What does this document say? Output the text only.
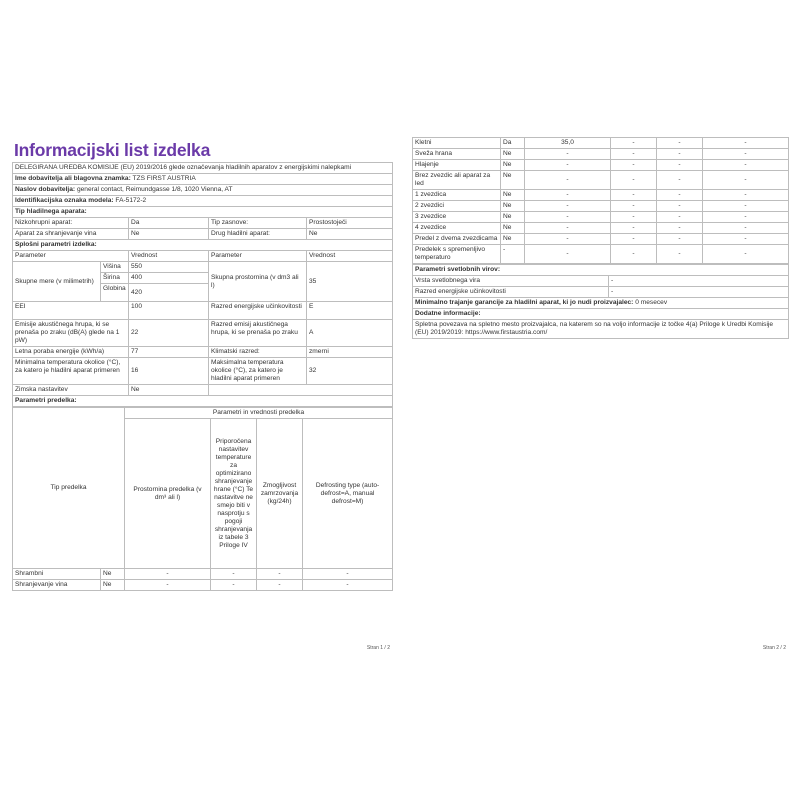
Informacijski list izdelka
DELEGIRANA UREDBA KOMISIJE (EU) 2019/2016 glede označevanja hladilnih aparatov z energijskimi nalepkami				
Ime dobavitelja ali blagovna znamka: TZS FIRST AUSTRIA				
Naslov dobavitelja: general contact, Reimundgasse 1/8, 1020 Vienna, AT				
Identifikacijska oznaka modela: FA-5172-2				
Tip hladilnega aparata:				
Nizkohrupni aparat:		Da	Tip zasnove:	Prostostoječi
Aparat za shranjevanje vina		Ne	Drug hladilni aparat:	Ne
Splošni parametri izdelka:				
Parameter		Vrednost	Parameter	Vrednost
Skupne mere (v milimetrih)	Višina	550	Skupna prostornina (v dm3 ali l)	35
	Širina	400		
	Globina	420		
EEI		100	Razred energijske učinkovitosti	E
Emisije akustičnega hrupa, ki se prenaša po zraku (dB(A) glede na 1 pW)		22	Razred emisij akustičnega hrupa, ki se prenaša po zraku	A
Letna poraba energije (kWh/a)		77	Klimatski razred:	zmerni
Minimalna temperatura okolice (°C), za katero je hladilni aparat primeren		16	Maksimalna temperatura okolice (°C), za katero je hladilni aparat primeren	32
Zimska nastavitev		Ne		
Parametri predelka:				
Tip predelka		Parametri in vrednosti predelka			
		Prostornina predelka (v dm³ ali l)	Priporočena nastavitev temperature za optimizirano shranjevanje hrane (°C) Te nastavitve ne smejo biti v nasprotju s pogoji shranjevanja iz tabele 3 Priloge IV	Zmogljivost zamrzovanja (kg/24h)	Defrosting type (auto-defrost=A, manual defrost=M)
Shrambni	Ne	-	-	-	-
Shranjevanje vina	Ne	-	-	-	-
Stran 1 / 2
Kletni	Da	35,0	-	-	-
Sveža hrana	Ne	-	-	-	-
Hlajenje	Ne	-	-	-	-
Brez zvezdic ali aparat za led	Ne	-	-	-	-
1 zvezdica	Ne	-	-	-	-
2 zvezdici	Ne	-	-	-	-
3 zvezdice	Ne	-	-	-	-
4 zvezdice	Ne	-	-	-	-
Predel z dvema zvezdicama	Ne	-	-	-	-
Predelek s spremenljivo temperaturo	-	-	-	-	-
Parametri svetlobnih virov:	
Vrsta svetlobnega vira	-
Razred energijske učinkovitosti	-
Minimalno trajanje garancije za hladilni aparat, ki jo nudi proizvajalec: 0 mesecev	
Dodatne informacije:	
Spletna povezava na spletno mesto proizvajalca, na katerem so na voljo informacije iz točke 4(a) Priloge k Uredbi Komisije (EU) 2019/2019: https://www.firstaustria.com/	
Stran 2 / 2
